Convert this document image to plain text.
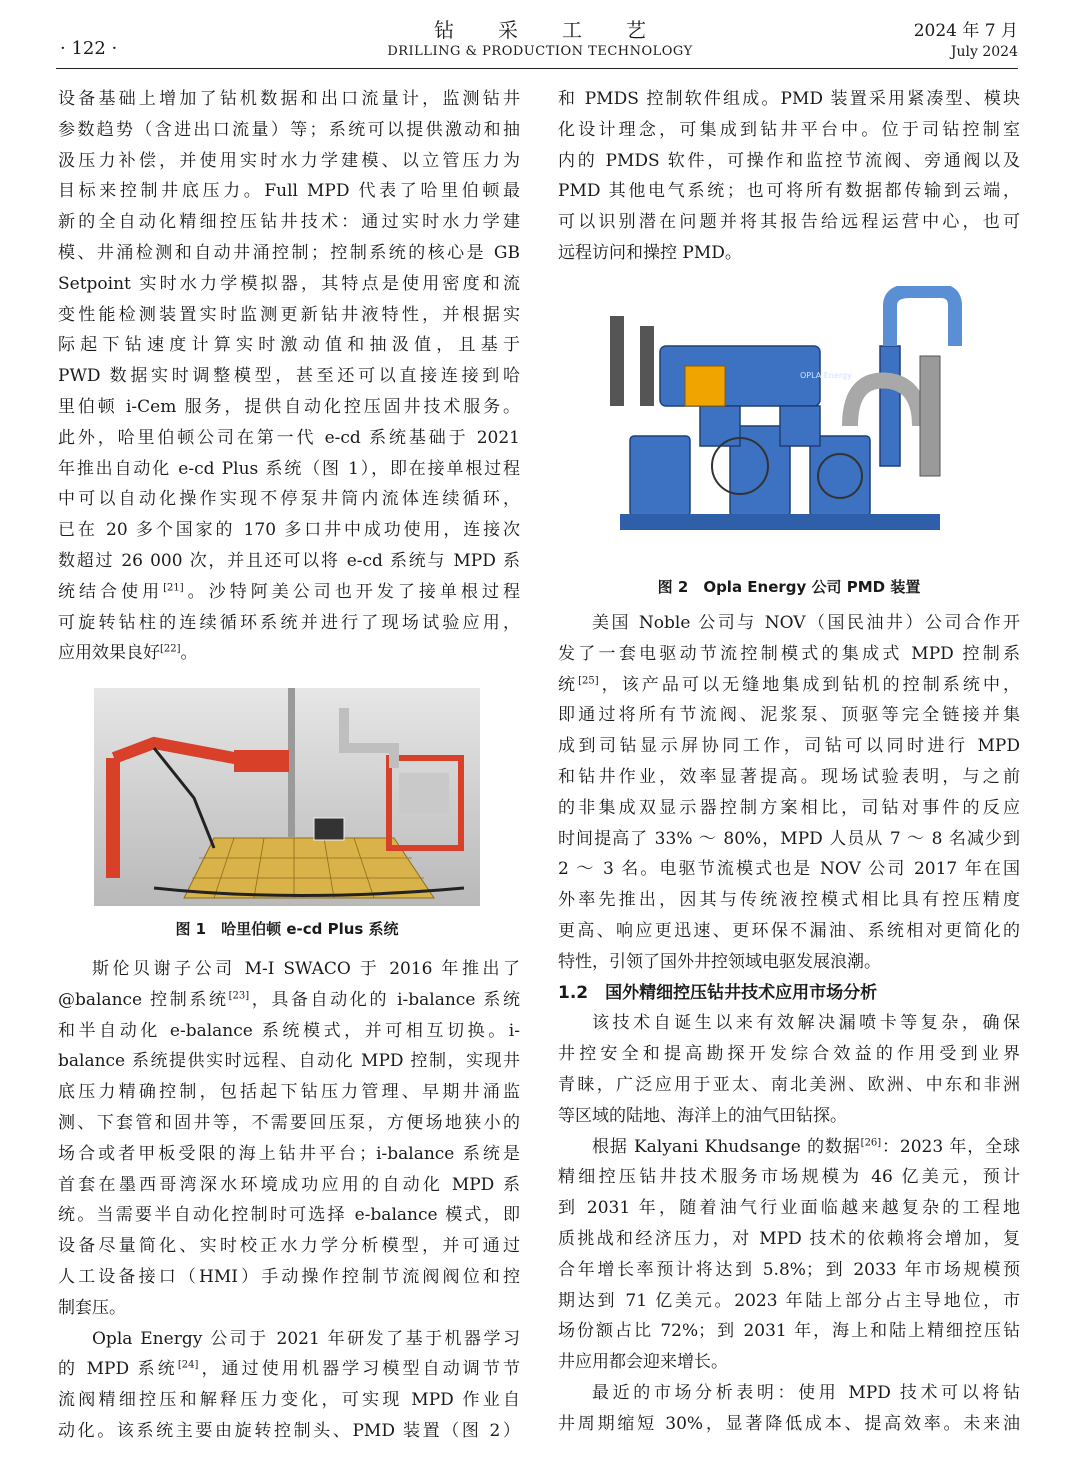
· 122 ·
钻采工艺
DRILLING & PRODUCTION TECHNOLOGY
2024 年 7 月
July 2024

设备基础上增加了钻机数据和出口流量计，监测钻井
参数趋势（含进出口流量）等；系统可以提供激动和抽
汲压力补偿，并使用实时水力学建模、以立管压力为
目标来控制井底压力。Full MPD 代表了哈里伯顿最
新的全自动化精细控压钻井技术：通过实时水力学建
模、井涌检测和自动井涌控制；控制系统的核心是 GB
Setpoint 实时水力学模拟器，其特点是使用密度和流
变性能检测装置实时监测更新钻井液特性，并根据实
际起下钻速度计算实时激动值和抽汲值，且基于
PWD 数据实时调整模型，甚至还可以直接连接到哈
里伯顿 i-Cem 服务，提供自动化控压固井技术服务。
此外，哈里伯顿公司在第一代 e-cd 系统基础于 2021
年推出自动化 e-cd Plus 系统（图 1），即在接单根过程
中可以自动化操作实现不停泵井筒内流体连续循环，
已在 20 多个国家的 170 多口井中成功使用，连接次
数超过 26 000 次，并且还可以将 e-cd 系统与 MPD 系
统结合使用[21]。沙特阿美公司也开发了接单根过程
可旋转钻柱的连续循环系统并进行了现场试验应用，
应用效果良好[22]。

图 1　哈里伯顿 e-cd Plus 系统

斯伦贝谢子公司 M-I SWACO 于 2016 年推出了
@balance 控制系统[23]，具备自动化的 i-balance 系统
和半自动化 e-balance 系统模式，并可相互切换。i-
balance 系统提供实时远程、自动化 MPD 控制，实现井
底压力精确控制，包括起下钻压力管理、早期井涌监
测、下套管和固井等，不需要回压泵，方便场地狭小的
场合或者甲板受限的海上钻井平台；i-balance 系统是
首套在墨西哥湾深水环境成功应用的自动化 MPD 系
统。当需要半自动化控制时可选择 e-balance 模式，即
设备尽量简化、实时校正水力学分析模型，并可通过
人工设备接口（HMI）手动操作控制节流阀阀位和控
制套压。

Opla Energy 公司于 2021 年研发了基于机器学习
的 MPD 系统[24]，通过使用机器学习模型自动调节节
流阀精细控压和解释压力变化，可实现 MPD 作业自
动化。该系统主要由旋转控制头、PMD 装置（图 2）

和 PMDS 控制软件组成。PMD 装置采用紧凑型、模块
化设计理念，可集成到钻井平台中。位于司钻控制室
内的 PMDS 软件，可操作和监控节流阀、旁通阀以及
PMD 其他电气系统；也可将所有数据都传输到云端，
可以识别潜在问题并将其报告给远程运营中心，也可
远程访问和操控 PMD。

OPLA Energy
图 2　Opla Energy 公司 PMD 装置

美国 Noble 公司与 NOV（国民油井）公司合作开
发了一套电驱动节流控制模式的集成式 MPD 控制系
统[25]，该产品可以无缝地集成到钻机的控制系统中，
即通过将所有节流阀、泥浆泵、顶驱等完全链接并集
成到司钻显示屏协同工作，司钻可以同时进行 MPD
和钻井作业，效率显著提高。现场试验表明，与之前
的非集成双显示器控制方案相比，司钻对事件的反应
时间提高了 33% ～ 80%，MPD 人员从 7 ～ 8 名减少到
2 ～ 3 名。电驱节流模式也是 NOV 公司 2017 年在国
外率先推出，因其与传统液控模式相比具有控压精度
更高、响应更迅速、更环保不漏油、系统相对更简化的
特性，引领了国外井控领域电驱发展浪潮。

1.2　国外精细控压钻井技术应用市场分析

该技术自诞生以来有效解决漏喷卡等复杂，确保
井控安全和提高勘探开发综合效益的作用受到业界
青睐，广泛应用于亚太、南北美洲、欧洲、中东和非洲
等区域的陆地、海洋上的油气田钻探。

根据 Kalyani Khudsange 的数据[26]：2023 年，全球
精细控压钻井技术服务市场规模为 46 亿美元，预计
到 2031 年，随着油气行业面临越来越复杂的工程地
质挑战和经济压力，对 MPD 技术的依赖将会增加，复
合年增长率预计将达到 5.8%；到 2033 年市场规模预
期达到 71 亿美元。2023 年陆上部分占主导地位，市
场份额占比 72%；到 2031 年，海上和陆上精细控压钻
井应用都会迎来增长。

最近的市场分析表明：使用 MPD 技术可以将钻
井周期缩短 30%，显著降低成本、提高效率。未来油
